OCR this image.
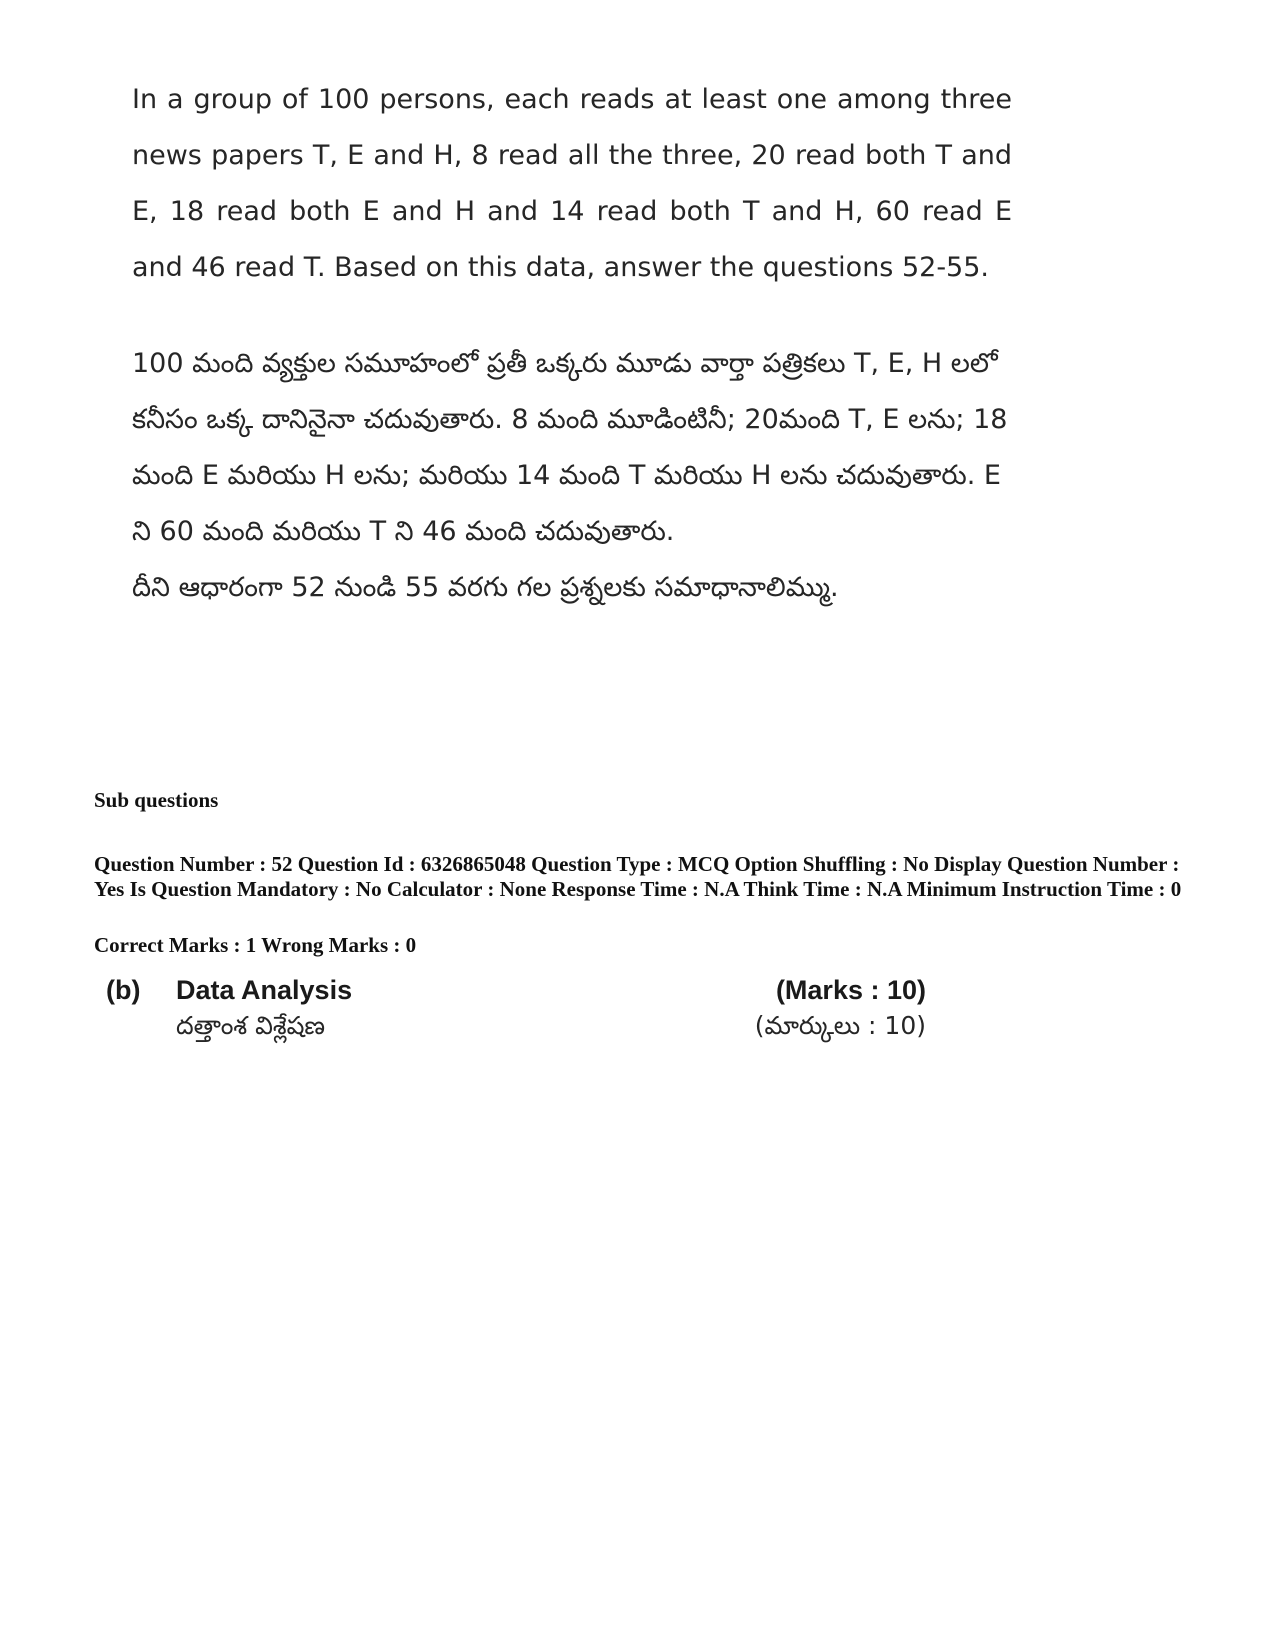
In a group of 100 persons, each reads at least one among three news papers T, E and H, 8 read all the three, 20 read both T and E, 18 read both E and H and 14 read both T and H, 60 read E and 46 read T. Based on this data, answer the questions 52-55.

100 మంది వ్యక్తుల సమూహంలో ప్రతీ ఒక్కరు మూడు వార్తా పత్రికలు T, E, H లలో కనీసం ఒక్క దానినైనా చదువుతారు. 8 మంది మూడింటినీ; 20మంది T, E లను; 18 మంది E మరియు H లను; మరియు 14 మంది T మరియు H లను చదువుతారు. E ని 60 మంది మరియు T ని 46 మంది చదువుతారు.

దీని ఆధారంగా 52 నుండి 55 వరగు గల ప్రశ్నలకు సమాధానాలిమ్ము.

Sub questions
Question Number : 52 Question Id : 6326865048 Question Type : MCQ Option Shuffling : No Display Question Number : Yes Is Question Mandatory : No Calculator : None Response Time : N.A Think Time : N.A Minimum Instruction Time : 0
Correct Marks : 1 Wrong Marks : 0
(b) Data Analysis	(Marks : 10)
దత్తాంశ విశ్లేషణ	(మార్కులు : 10)
